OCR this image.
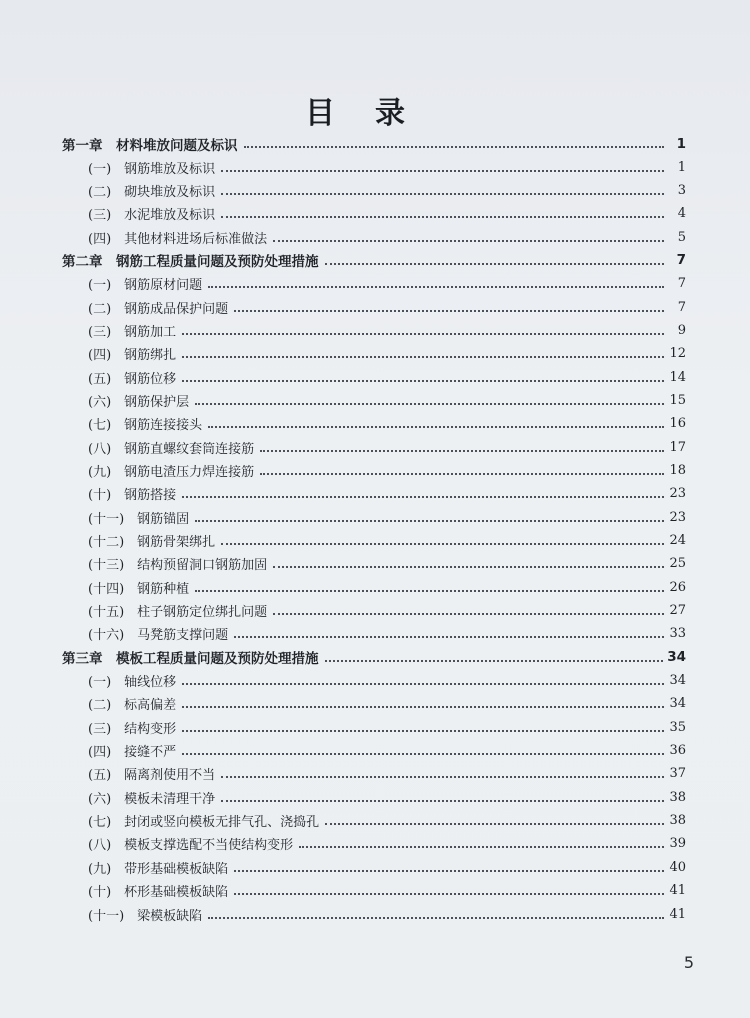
目录
第一章　材料堆放问题及标识	1
(一)　钢筋堆放及标识	1
(二)　砌块堆放及标识	3
(三)　水泥堆放及标识	4
(四)　其他材料进场后标准做法	5
第二章　钢筋工程质量问题及预防处理措施	7
(一)　钢筋原材问题	7
(二)　钢筋成品保护问题	7
(三)　钢筋加工	9
(四)　钢筋绑扎	12
(五)　钢筋位移	14
(六)　钢筋保护层	15
(七)　钢筋连接接头	16
(八)　钢筋直螺纹套筒连接筋	17
(九)　钢筋电渣压力焊连接筋	18
(十)　钢筋搭接	23
(十一)　钢筋锚固	23
(十二)　钢筋骨架绑扎	24
(十三)　结构预留洞口钢筋加固	25
(十四)　钢筋种植	26
(十五)　柱子钢筋定位绑扎问题	27
(十六)　马凳筋支撑问题	33
第三章　模板工程质量问题及预防处理措施	34
(一)　轴线位移	34
(二)　标高偏差	34
(三)　结构变形	35
(四)　接缝不严	36
(五)　隔离剂使用不当	37
(六)　模板未清理干净	38
(七)　封闭或竖向模板无排气孔、浇捣孔	38
(八)　模板支撑选配不当使结构变形	39
(九)　带形基础模板缺陷	40
(十)　杯形基础模板缺陷	41
(十一)　梁模板缺陷	41
5
